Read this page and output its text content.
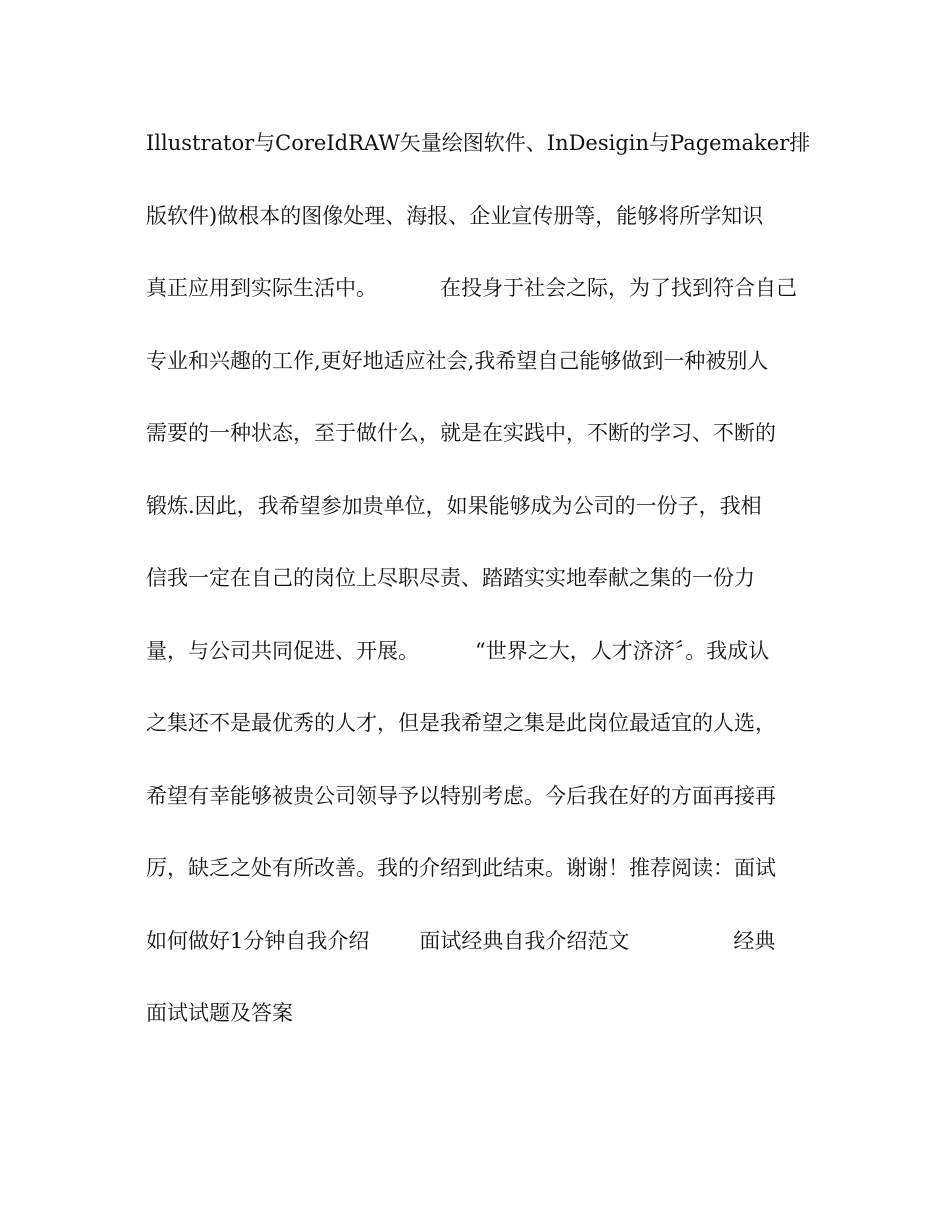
Illustrator与CoreIdRAW矢量绘图软件、InDesigin与Pagemaker排
版软件)做根本的图像处理、海报、企业宣传册等，能够将所学知识
真正应用到实际生活中。	在投身于社会之际，为了找到符合自己
专业和兴趣的工作,更好地适应社会,我希望自己能够做到一种被别人
需要的一种状态，至于做什么，就是在实践中，不断的学习、不断的
锻炼.因此，我希望参加贵单位，如果能够成为公司的一份子，我相
信我一定在自己的岗位上尽职尽责、踏踏实实地奉献之集的一份力
量，与公司共同促进、开展。	“世界之大，人才济济〞。我成认
之集还不是最优秀的人才，但是我希望之集是此岗位最适宜的人选，
希望有幸能够被贵公司领导予以特别考虑。今后我在好的方面再接再
厉，缺乏之处有所改善。我的介绍到此结束。谢谢！推荐阅读：面试
如何做好1分钟自我介绍 面试经典自我介绍范文	经典
面试试题及答案
